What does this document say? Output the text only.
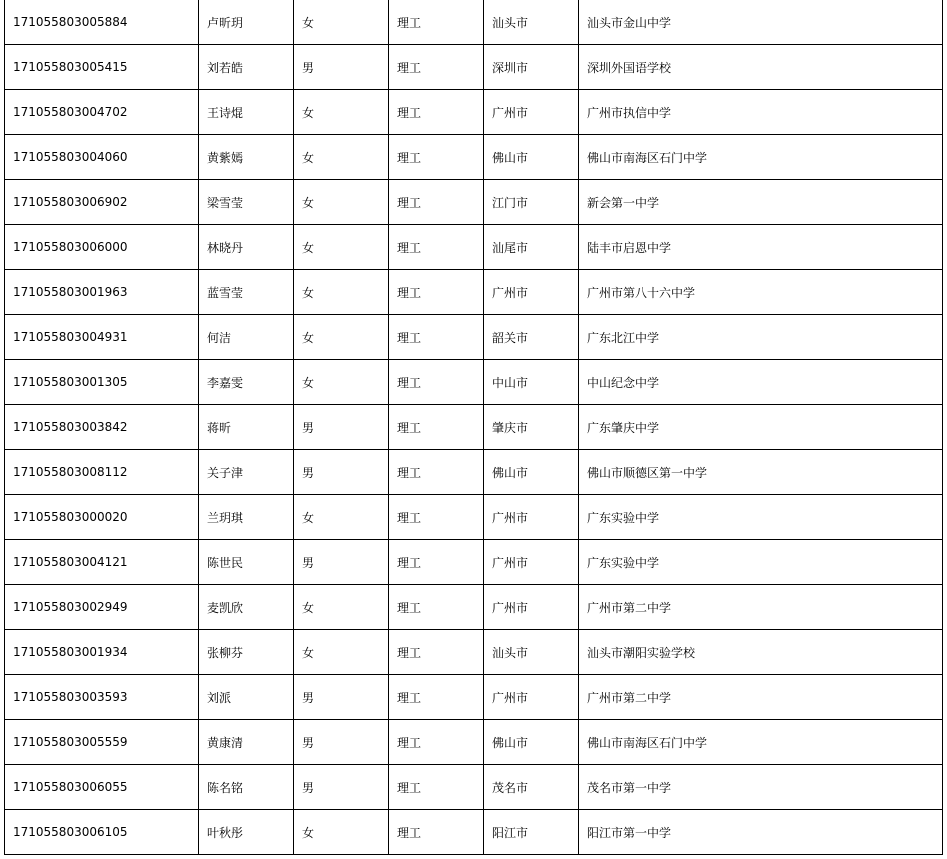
171055803005884	卢昕玥	女	理工	汕头市	汕头市金山中学
171055803005415	刘若皓	男	理工	深圳市	深圳外国语学校
171055803004702	王诗焜	女	理工	广州市	广州市执信中学
171055803004060	黄紫嫣	女	理工	佛山市	佛山市南海区石门中学
171055803006902	梁雪莹	女	理工	江门市	新会第一中学
171055803006000	林晓丹	女	理工	汕尾市	陆丰市启恩中学
171055803001963	蓝雪莹	女	理工	广州市	广州市第八十六中学
171055803004931	何洁	女	理工	韶关市	广东北江中学
171055803001305	李嘉雯	女	理工	中山市	中山纪念中学
171055803003842	蒋昕	男	理工	肇庆市	广东肇庆中学
171055803008112	关子津	男	理工	佛山市	佛山市顺德区第一中学
171055803000020	兰玥琪	女	理工	广州市	广东实验中学
171055803004121	陈世民	男	理工	广州市	广东实验中学
171055803002949	麦凯欣	女	理工	广州市	广州市第二中学
171055803001934	张柳芬	女	理工	汕头市	汕头市潮阳实验学校
171055803003593	刘派	男	理工	广州市	广州市第二中学
171055803005559	黄康清	男	理工	佛山市	佛山市南海区石门中学
171055803006055	陈名铭	男	理工	茂名市	茂名市第一中学
171055803006105	叶秋彤	女	理工	阳江市	阳江市第一中学
